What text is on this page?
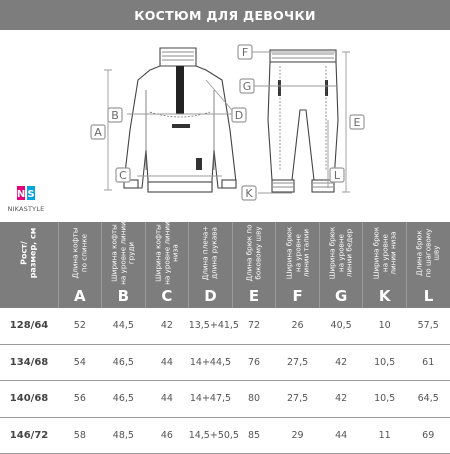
КОСТЮМ ДЛЯ ДЕВОЧКИ
A
B
C
D
E
F
G
K
L
N S
NIKASTYLE
Рост/
размер, см	Длина кофты
по спинке	Ширина кофты
на уровне линии
груди	Ширина кофты
на уровне линии
низа	Длина плеча+
длина рукава	Длина брюк по
боковому шву	Ширина брюк
на уровне
линии талии	Ширина брюк
на уровне
линии бедер	Ширина брюк
на уровне
линии низа	Длина брюк
по шаговому
шву

	A	B	C	D	E	F	G	K	L
128/64	52	44,5	42	13,5+41,5	72	26	40,5	10	57,5
134/68	54	46,5	44	14+44,5	76	27,5	42	10,5	61
140/68	56	46,5	44	14+47,5	80	27,5	42	10,5	64,5
146/72	58	48,5	46	14,5+50,5	85	29	44	11	69
